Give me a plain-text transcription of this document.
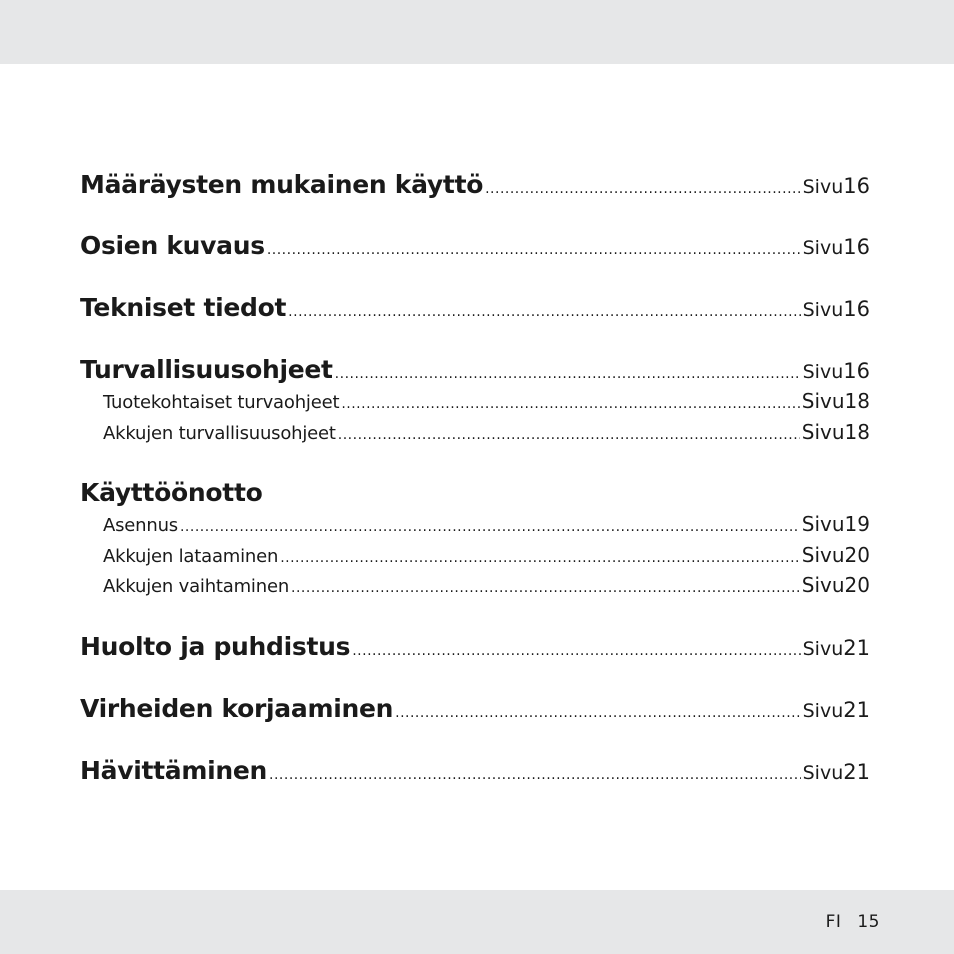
Määräysten mukainen käyttö .....	Sivu 16
Osien kuvaus .....	Sivu 16
Tekniset tiedot .....	Sivu 16
Turvallisuusohjeet .....	Sivu 16
Tuotekohtaiset turvaohjeet .....	Sivu 18
Akkujen turvallisuusohjeet .....	Sivu 18
Käyttöönotto
Asennus .....	Sivu 19
Akkujen lataaminen .....	Sivu 20
Akkujen vaihtaminen .....	Sivu 20
Huolto ja puhdistus .....	Sivu 21
Virheiden korjaaminen .....	Sivu 21
Hävittäminen .....	Sivu 21
FI 15
